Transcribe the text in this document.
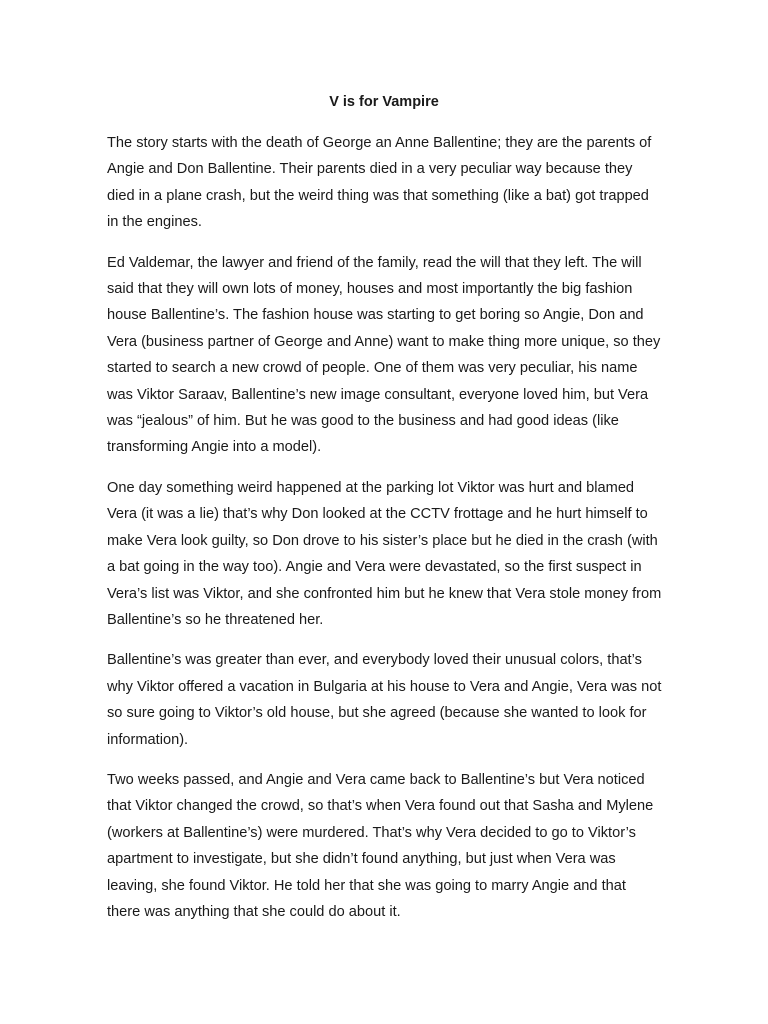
V is for Vampire

The story starts with the death of George an Anne Ballentine; they are the parents of Angie and Don Ballentine. Their parents died in a very peculiar way because they died in a plane crash, but the weird thing was that something (like a bat) got trapped in the engines.

Ed Valdemar, the lawyer and friend of the family, read the will that they left. The will said that they will own lots of money, houses and most importantly the big fashion house Ballentine’s. The fashion house was starting to get boring so Angie, Don and Vera (business partner of George and Anne) want to make thing more unique, so they started to search a new crowd of people. One of them was very peculiar, his name was Viktor Saraav, Ballentine’s new image consultant, everyone loved him, but Vera was “jealous” of him. But he was good to the business and had good ideas (like transforming Angie into a model).

One day something weird happened at the parking lot Viktor was hurt and blamed Vera (it was a lie) that’s why Don looked at the CCTV frottage and he hurt himself to make Vera look guilty, so Don drove to his sister’s place but he died in the crash (with a bat going in the way too). Angie and Vera were devastated, so the first suspect in Vera’s list was Viktor, and she confronted him but he knew that Vera stole money from Ballentine’s so he threatened her.

Ballentine’s was greater than ever, and everybody loved their unusual colors, that’s why Viktor offered a vacation in Bulgaria at his house to Vera and Angie, Vera was not so sure going to Viktor’s old house, but she agreed (because she wanted to look for information).

Two weeks passed, and Angie and Vera came back to Ballentine’s but Vera noticed that Viktor changed the crowd, so that’s when Vera found out that Sasha and Mylene (workers at Ballentine’s) were murdered. That’s why Vera decided to go to Viktor’s apartment to investigate, but she didn’t found anything, but just when Vera was leaving, she found Viktor. He told her that she was going to marry Angie and that there was anything that she could do about it.
